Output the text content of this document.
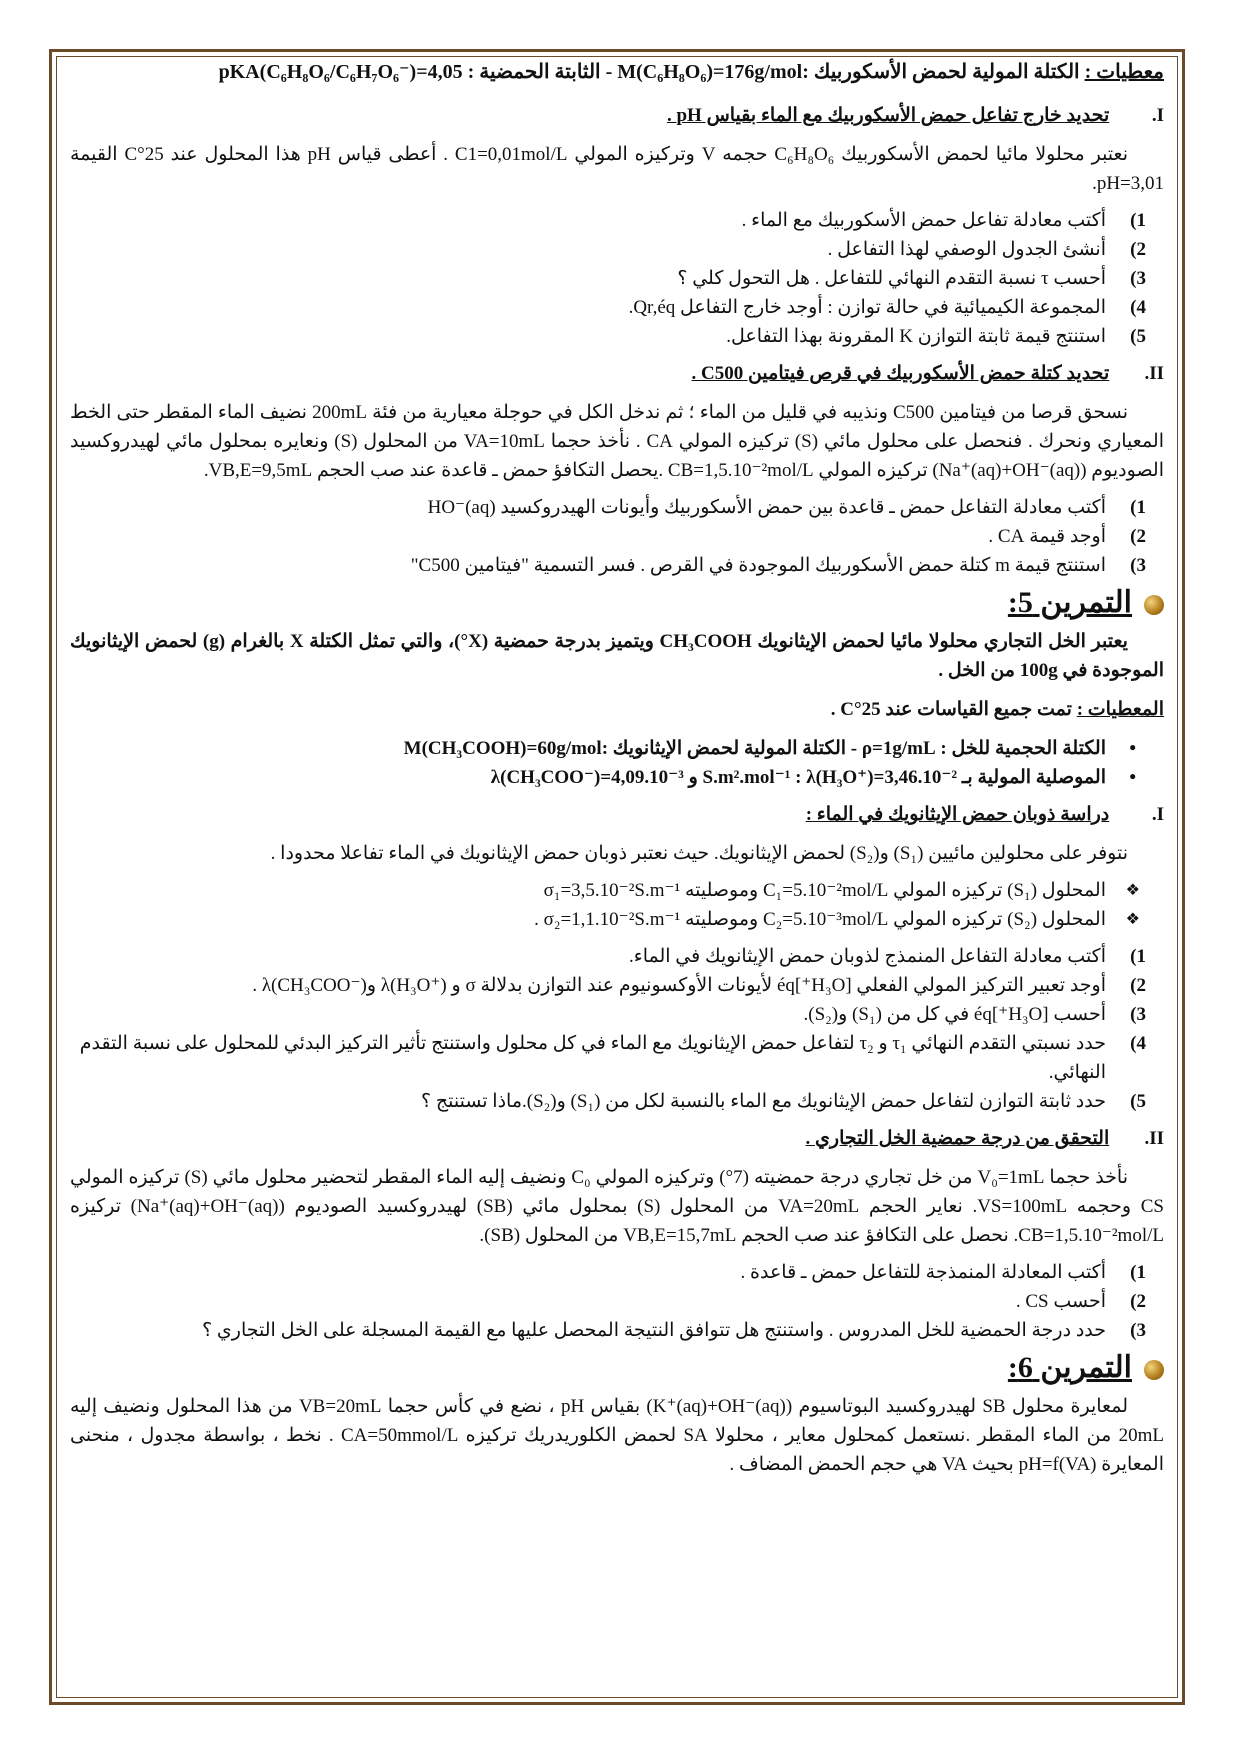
معطيات : الكتلة المولية لحمض الأسكوربيك :M(C₆H₈O₆)=176g/mol - الثابتة الحمضية : pKA(C₆H₈O₆/C₆H₇O₆⁻)=4,05
I. تحديد خارج تفاعل حمض الأسكوربيك مع الماء بقياس pH .
نعتبر محلولا مائيا لحمض الأسكوربيك C₆H₈O₆ حجمه V وتركيزه المولي C1=0,01mol/L . أعطى قياس pH هذا المحلول عند 25°C القيمة pH=3,01.
1)
أكتب معادلة تفاعل حمض الأسكوربيك مع الماء .
2)
أنشئ الجدول الوصفي لهذا التفاعل .
3)
أحسب τ نسبة التقدم النهائي للتفاعل . هل التحول كلي ؟
4)
المجموعة الكيميائية في حالة توازن : أوجد خارج التفاعل Qr,éq.
5)
استنتج قيمة ثابتة التوازن K المقرونة بهذا التفاعل.
II. تحديد كتلة حمض الأسكوربيك في قرص فيتامين C500 .
نسحق قرصا من فيتامين C500 ونذيبه في قليل من الماء ؛ ثم ندخل الكل في حوجلة معيارية من فئة 200mL نضيف الماء المقطر حتى الخط المعياري ونحرك . فنحصل على محلول مائي (S) تركيزه المولي CA . نأخذ حجما VA=10mL من المحلول (S) ونعايره بمحلول مائي لهيدروكسيد الصوديوم (Na⁺(aq)+OH⁻(aq)) تركيزه المولي CB=1,5.10⁻²mol/L .يحصل التكافؤ حمض ـ قاعدة عند صب الحجم VB,E=9,5mL.
1)
أكتب معادلة التفاعل حمض ـ قاعدة بين حمض الأسكوربيك وأيونات الهيدروكسيد HO⁻(aq)
2)
أوجد قيمة CA .
3)
استنتج قيمة m كتلة حمض الأسكوربيك الموجودة في القرص . فسر التسمية "فيتامين C500"
التمرين 5:
يعتبر الخل التجاري محلولا مائيا لحمض الإيثانويك CH₃COOH ويتميز بدرجة حمضية (X°)، والتي تمثل الكتلة X بالغرام (g) لحمض الإيثانويك الموجودة في 100g من الخل .
المعطيات : تمت جميع القياسات عند 25°C .
•
الكتلة الحجمية للخل : ρ=1g/mL - الكتلة المولية لحمض الإيثانويك :M(CH₃COOH)=60g/mol
•
الموصلية المولية بـ S.m².mol⁻¹ : λ(H₃O⁺)=3,46.10⁻² و λ(CH₃COO⁻)=4,09.10⁻³
I. دراسة ذوبان حمض الإيثانويك في الماء :
نتوفر على محلولين مائيين (S₁) و(S₂) لحمض الإيثانويك. حيث نعتبر ذوبان حمض الإيثانويك في الماء تفاعلا محدودا .
❖
المحلول (S₁) تركيزه المولي C₁=5.10⁻²mol/L وموصليته σ₁=3,5.10⁻²S.m⁻¹
❖
المحلول (S₂) تركيزه المولي C₂=5.10⁻³mol/L وموصليته σ₂=1,1.10⁻²S.m⁻¹ .
1)
أكتب معادلة التفاعل المنمذج لذوبان حمض الإيثانويك في الماء.
2)
أوجد تعبير التركيز المولي الفعلي [H₃O⁺]éq لأيونات الأوكسونيوم عند التوازن بدلالة σ و λ(H₃O⁺) وλ(CH₃COO⁻) .
3)
أحسب [H₃O⁺]éq في كل من (S₁) و(S₂).
4)
حدد نسبتي التقدم النهائي τ₁ و τ₂ لتفاعل حمض الإيثانويك مع الماء في كل محلول واستنتج تأثير التركيز البدئي للمحلول على نسبة التقدم النهائي.
5)
حدد ثابتة التوازن لتفاعل حمض الإيثانويك مع الماء بالنسبة لكل من (S₁) و(S₂).ماذا تستنتج ؟
II. التحقق من درجة حمضية الخل التجاري .
نأخذ حجما V₀=1mL من خل تجاري درجة حمضيته (7°) وتركيزه المولي C₀ ونضيف إليه الماء المقطر لتحضير محلول مائي (S) تركيزه المولي CS وحجمه VS=100mL. نعاير الحجم VA=20mL من المحلول (S) بمحلول مائي (SB) لهيدروكسيد الصوديوم (Na⁺(aq)+OH⁻(aq)) تركيزه CB=1,5.10⁻²mol/L. نحصل على التكافؤ عند صب الحجم VB,E=15,7mL من المحلول (SB).
1)
أكتب المعادلة المنمذجة للتفاعل حمض ـ قاعدة .
2)
أحسب CS .
3)
حدد درجة الحمضية للخل المدروس . واستنتج هل تتوافق النتيجة المحصل عليها مع القيمة المسجلة على الخل التجاري ؟
التمرين 6:
لمعايرة محلول SB لهيدروكسيد البوتاسيوم (K⁺(aq)+OH⁻(aq)) بقياس pH ، نضع في كأس حجما VB=20mL من هذا المحلول ونضيف إليه 20mL من الماء المقطر .نستعمل كمحلول معاير ، محلولا SA لحمض الكلوريدريك تركيزه CA=50mmol/L . نخط ، بواسطة مجدول ، منحنى المعايرة pH=f(VA) بحيث VA هي حجم الحمض المضاف .
